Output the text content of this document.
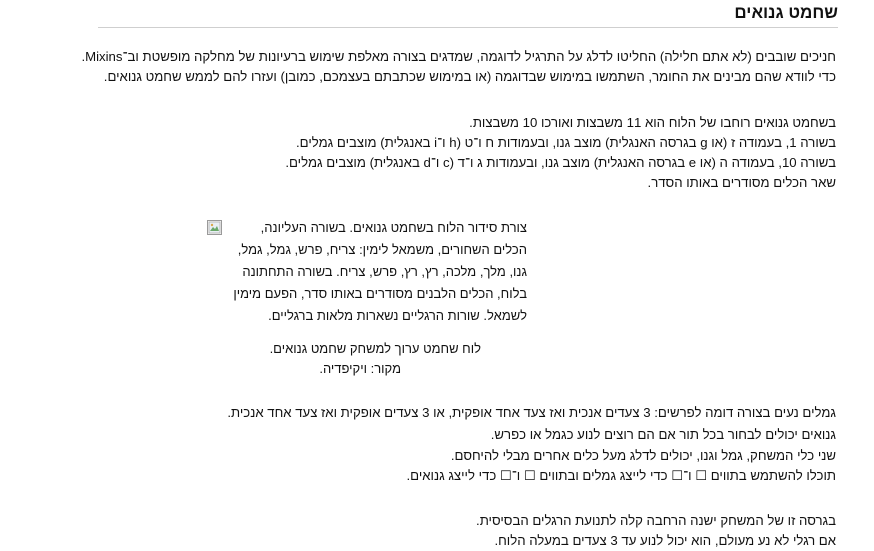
שחמט גנואים

חניכים שובבים (לא אתם חלילה) החליטו לדלג על התרגיל לדוגמה, שמדגים בצורה מאלפת שימוש ברעיונות של מחלקה מופשטת וב־Mixins.

כדי לוודא שהם מבינים את החומר, השתמשו במימוש שבדוגמה (או במימוש שכתבתם בעצמכם, כמובן) ועזרו להם לממש שחמט גנואים.

בשחמט גנואים רוחבו של הלוח הוא 11 משבצות ואורכו 10 משבצות.

בשורה 1, בעמודה ז (או g בגרסה האנגלית) מוצב גנו, ובעמודות ח ו־ט (h ו־i באנגלית) מוצבים גמלים.

בשורה 10, בעמודה ה (או e בגרסה האנגלית) מוצב גנו, ובעמודות ג ו־ד (c ו־d באנגלית) מוצבים גמלים.

שאר הכלים מסודרים באותו הסדר.

צורת סידור הלוח בשחמט גנואים. בשורה העליונה,

הכלים השחורים, משמאל לימין: צריח, פרש, גמל, גמל,

גנו, מלך, מלכה, רץ, רץ, פרש, צריח. בשורה התחתונה

בלוח, הכלים הלבנים מסודרים באותו סדר, הפעם מימין

לשמאל. שורות הרגליים נשארות מלאות ברגליים.

לוח שחמט ערוך למשחק שחמט גנואים.

מקור: ויקיפדיה.

גמלים נעים בצורה דומה לפרשים: 3 צעדים אנכית ואז צעד אחד אופקית, או 3 צעדים אופקית ואז צעד אחד אנכית.

גנואים יכולים לבחור בכל תור אם הם רוצים לנוע כגמל או כפרש.

שני כלי המשחק, גמל וגנו, יכולים לדלג מעל כלים אחרים מבלי להיחסם.

תוכלו להשתמש בתווים ☐ ו־☐ כדי לייצג גמלים ובתווים ☐ ו־☐ כדי לייצג גנואים.

בגרסה זו של המשחק ישנה הרחבה קלה לתנועת הרגלים הבסיסית.

אם רגלי לא נע מעולם, הוא יכול לנוע עד 3 צעדים במעלה הלוח.
